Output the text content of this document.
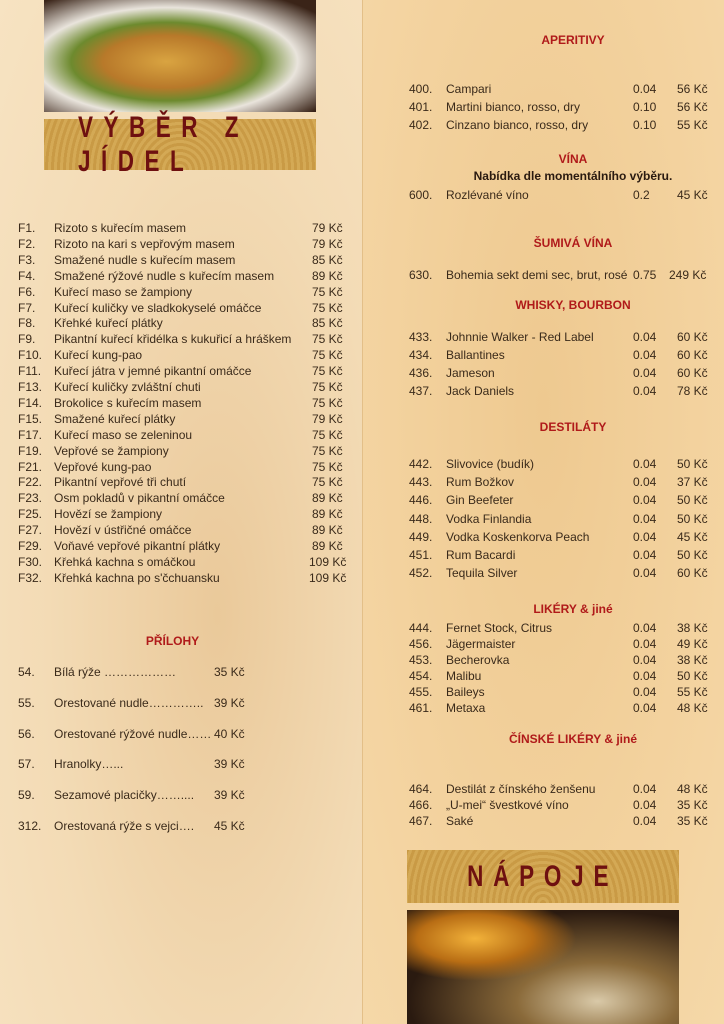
VÝBĚR Z JÍDEL
F1. Rizoto s kuřecím masem	79 Kč
F2. Rizoto na kari s vepřovým masem	79 Kč
F3. Smažené nudle s kuřecím masem	85 Kč
F4. Smažené rýžové nudle s kuřecím masem	89 Kč
F6. Kuřecí maso se žampiony	75 Kč
F7. Kuřecí kuličky ve sladkokyselé omáčce	75 Kč
F8. Křehké kuřecí plátky	85 Kč
F9. Pikantní kuřecí křidélka s kukuřicí a hráškem 75 Kč
F10. Kuřecí kung-pao	75 Kč
F11. Kuřecí játra v jemné pikantní omáčce	75 Kč
F13. Kuřecí kuličky zvláštní chuti	75 Kč
F14. Brokolice s kuřecím masem	75 Kč
F15. Smažené kuřecí plátky	79 Kč
F17. Kuřecí maso se zeleninou	75 Kč
F19. Vepřové se žampiony	75 Kč
F21. Vepřové kung-pao	75 Kč
F22. Pikantní vepřové tři chutí	75 Kč
F23. Osm pokladů v pikantní omáčce	89 Kč
F25. Hovězí se žampiony	89 Kč
F27. Hovězí v ústřičné omáčce	89 Kč
F29. Voňavé vepřové pikantní plátky	89 Kč
F30. Křehká kachna s omáčkou	109 Kč
F32. Křehká kachna po s'čchuansku	109 Kč
PŘÍLOHY
54. Bílá rýže ………………	35 Kč
55. Orestované nudle………….. 39 Kč
56. Orestované rýžové nudle…… 40 Kč
57. Hranolky…...	39 Kč
59. Sezamové placičky…….... 39 Kč
312. Orestovaná rýže s vejci…. 45 Kč
APERITIVY
400. Campari	0.04 56 Kč
401. Martini bianco, rosso, dry	0.10 56 Kč
402. Cinzano bianco, rosso, dry	0.10 55 Kč
VÍNA
Nabídka dle momentálního výběru.
600. Rozlévané víno	0.2 45 Kč
ŠUMIVÁ VÍNA
630. Bohemia sekt demi sec, brut, rosé 0.75 249 Kč
WHISKY, BOURBON
433. Johnnie Walker - Red Label	0.04 60 Kč
434. Ballantines	0.04 60 Kč
436. Jameson	0.04 60 Kč
437. Jack Daniels	0.04 78 Kč
DESTILÁTY
442. Slivovice (budík)	0.04 50 Kč
443. Rum Božkov	0.04 37 Kč
446. Gin Beefeter	0.04 50 Kč
448. Vodka Finlandia	0.04 50 Kč
449. Vodka Koskenkorva Peach	0.04 45 Kč
451. Rum Bacardi	0.04 50 Kč
452. Tequila Silver	0.04 60 Kč
LIKÉRY & jiné
444. Fernet Stock, Citrus	0.04 38 Kč
456. Jägermaister	0.04 49 Kč
453. Becherovka	0.04 38 Kč
454. Malibu	0.04 50 Kč
455. Baileys	0.04 55 Kč
461. Metaxa	0.04 48 Kč
ČÍNSKÉ LIKÉRY & jiné
464. Destilát z čínského ženšenu	0.04 48 Kč
466. „U-mei“ švestkové víno	0.04 35 Kč
467. Saké	0.04 35 Kč
NÁPOJE
